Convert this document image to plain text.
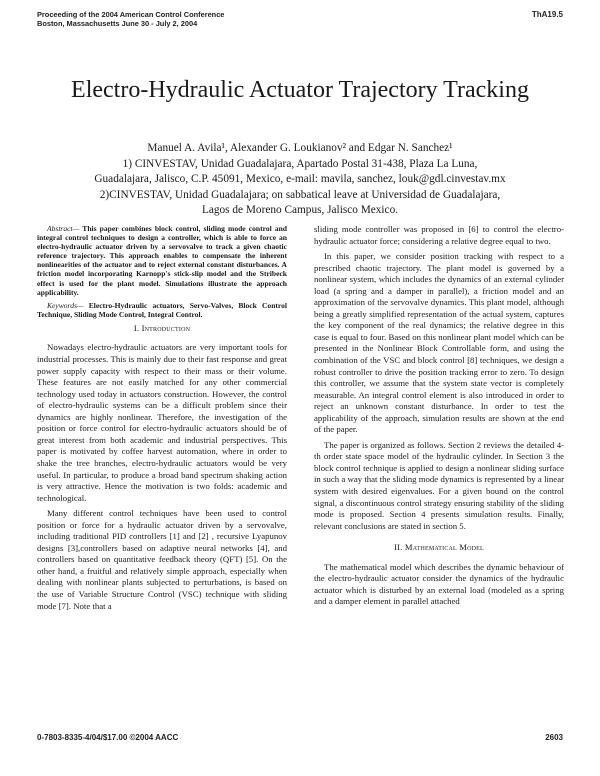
Proceeding of the 2004 American Control Conference
Boston, Massachusetts June 30 - July 2, 2004
ThA19.5
Electro-Hydraulic Actuator Trajectory Tracking
Manuel A. Avila¹, Alexander G. Loukianov² and Edgar N. Sanchez¹
1) CINVESTAV, Unidad Guadalajara, Apartado Postal 31-438, Plaza La Luna,
Guadalajara, Jalisco, C.P. 45091, Mexico, e-mail: mavila, sanchez, louk@gdl.cinvestav.mx
2)CINVESTAV, Unidad Guadalajara; on sabbatical leave at Universidad de Guadalajara,
Lagos de Moreno Campus, Jalisco Mexico.

Abstract— This paper combines block control, sliding mode control and integral control techniques to design a controller, which is able to force an electro-hydraulic actuator driven by a servovalve to track a given chaotic reference trajectory. This approach enables to compensate the inherent nonlinearities of the actuator and to reject external constant disturbances. A friction model incorporating Karnopp's stick-slip model and the Stribeck effect is used for the plant model. Simulations illustrate the approach applicability.

Keywords— Electro-Hydraulic actuators, Servo-Valves, Block Control Technique, Sliding Mode Control, Integral Control.

I. Introduction

Nowadays electro-hydraulic actuators are very important tools for industrial processes. This is mainly due to their fast response and great power supply capacity with respect to their mass or their volume. These features are not easily matched for any other commercial technology used today in actuators construction. However, the control of electro-hydraulic systems can be a difficult problem since their dynamics are highly nonlinear. Therefore, the investigation of the position or force control for electro-hydraulic actuators should be of great interest from both academic and industrial perspectives. This paper is motivated by coffee harvest automation, where in order to shake the tree branches, electro-hydraulic actuators would be very useful. In particular, to produce a broad band spectrum shaking action is very attractive. Hence the motivation is two folds: academic and technological.

Many different control techniques have been used to control position or force for a hydraulic actuator driven by a servovalve, including traditional PID controllers [1] and [2] , recursive Lyapunov designs [3],controllers based on adaptive neural networks [4], and controllers based on quantitative feedback theory (QFT) [5]. On the other hand, a fruitful and relatively simple approach, especially when dealing with nonlinear plants subjected to perturbations, is based on the use of Variable Structure Control (VSC) technique with sliding mode [7]. Note that a

sliding mode controller was proposed in [6] to control the electro-hydraulic actuator force; considering a relative degree equal to two.

In this paper, we consider position tracking with respect to a prescribed chaotic trajectory. The plant model is governed by a nonlinear system, which includes the dynamics of an external cylinder load (a spring and a damper in parallel), a friction model and an approximation of the servovalve dynamics. This plant model, although being a greatly simplified representation of the actual system, captures the key component of the real dynamics; the relative degree in this case is equal to four. Based on this nonlinear plant model which can be presented in the Nonlinear Block Controllable form, and using the combination of the VSC and block control [8] techniques, we design a robust controller to drive the position tracking error to zero. To design this controller, we assume that the system state vector is completely measurable. An integral control element is also introduced in order to reject an unknown constant disturbance. In order to test the applicability of the approach, simulation results are shown at the end of the paper.

The paper is organized as follows. Section 2 reviews the detailed 4-th order state space model of the hydraulic cylinder. In Section 3 the block control technique is applied to design a nonlinear sliding surface in such a way that the sliding mode dynamics is represented by a linear system with desired eigenvalues. For a given bound on the control signal, a discontinuous control strategy ensuring stability of the sliding mode is proposed. Section 4 presents simulation results. Finally, relevant conclusions are stated in section 5.

II. Mathematical Model

The mathematical model which describes the dynamic behaviour of the electro-hydraulic actuator consider the dynamics of the hydraulic actuator which is disturbed by an external load (modeled as a spring and a damper element in parallel attached

0-7803-8335-4/04/$17.00 ©2004 AACC	2603
